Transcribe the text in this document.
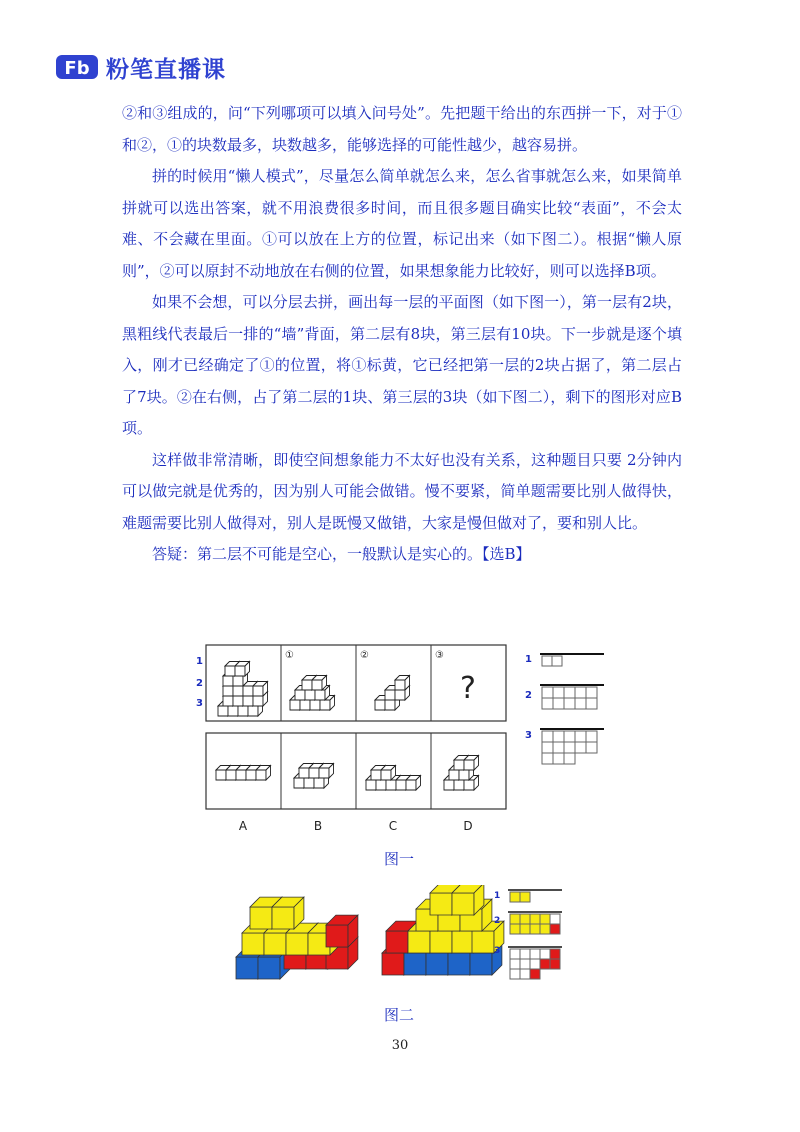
Fb 粉笔直播课

②和③组成的，问“下列哪项可以填入问号处”。先把题干给出的东西拼一下，对于①和②，①的块数最多，块数越多，能够选择的可能性越少，越容易拼。

拼的时候用“懒人模式”，尽量怎么简单就怎么来，怎么省事就怎么来，如果简单拼就可以选出答案，就不用浪费很多时间，而且很多题目确实比较“表面”，不会太难、不会藏在里面。①可以放在上方的位置，标记出来（如下图二）。根据“懒人原则”，②可以原封不动地放在右侧的位置，如果想象能力比较好，则可以选择B项。

如果不会想，可以分层去拼，画出每一层的平面图（如下图一），第一层有2块，黑粗线代表最后一排的“墙”背面，第二层有8块，第三层有10块。下一步就是逐个填入，刚才已经确定了①的位置，将①标黄，它已经把第一层的2块占据了，第二层占了7块。②在右侧，占了第二层的1块、第三层的3块（如下图二），剩下的图形对应B项。

这样做非常清晰，即使空间想象能力不太好也没有关系，这种题目只要 2分钟内可以做完就是优秀的，因为别人可能会做错。慢不要紧，简单题需要比别人做得快，难题需要比别人做得对，别人是既慢又做错，大家是慢但做对了，要和别人比。

答疑：第二层不可能是空心，一般默认是实心的。【选B】

1
2
3
①	②	③
?
1
2
3
A	B	C	D
图一
1
2
3
图二
30
